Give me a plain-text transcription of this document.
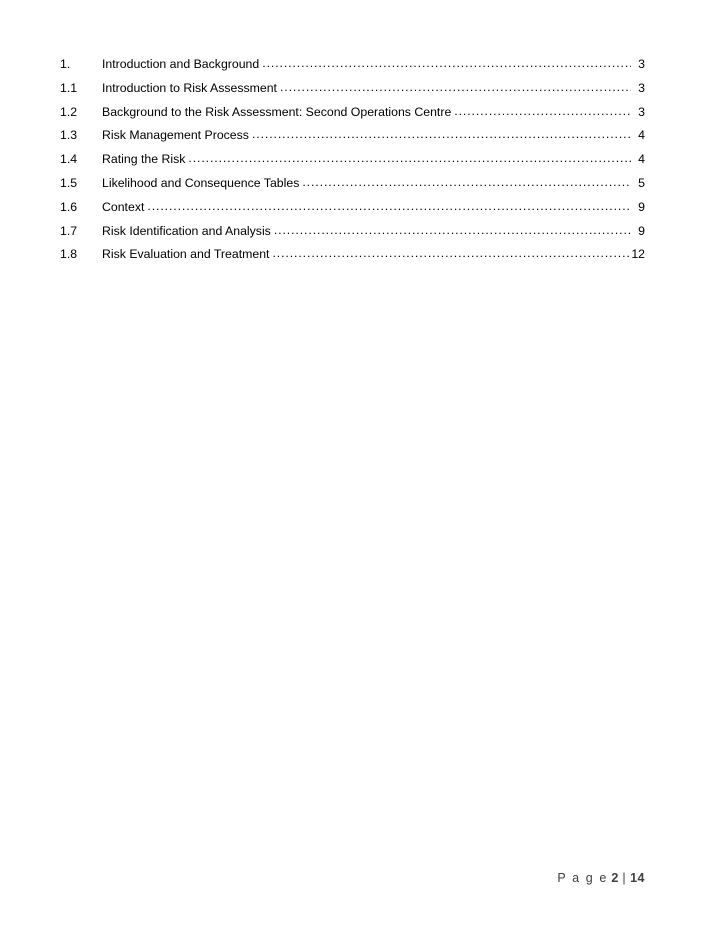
1.	Introduction and Background .....	3
1.1	Introduction to Risk Assessment .....	3
1.2	Background to the Risk Assessment: Second Operations Centre .....	3
1.3	Risk Management Process .....	4
1.4	Rating the Risk .....	4
1.5	Likelihood and Consequence Tables .....	5
1.6	Context .....	9
1.7	Risk Identification and Analysis .....	9
1.8	Risk Evaluation and Treatment .....	12
P a g e 2 | 14
